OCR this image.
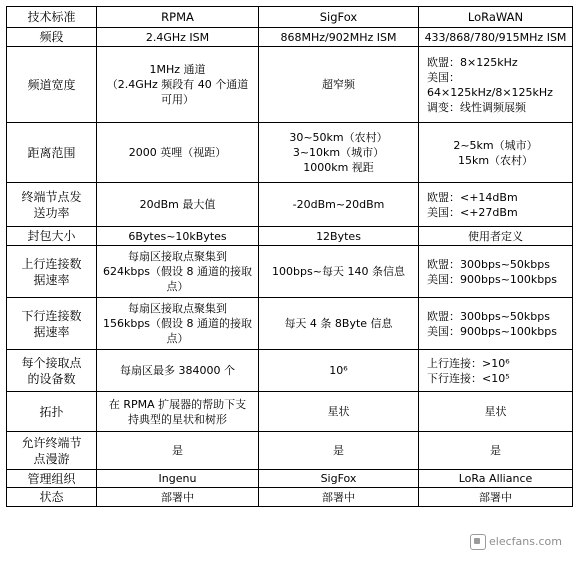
技术标准	RPMA	SigFox	LoRaWAN

频段	2.4GHz ISM	868MHz/902MHz ISM	433/868/780/915MHz ISM

频道宽度	1MHz 通道
（2.4GHz 频段有 40 个通道
可用）	超窄频	欧盟：8×125kHz
美国：
64×125kHz/8×125kHz
调变：线性调频展频

距离范围	2000 英哩（视距）	30~50km（农村）
3~10km（城市）
1000km 视距	2~5km（城市）
15km（农村）

终端节点发
送功率	20dBm 最大值	-20dBm~20dBm	欧盟：<+14dBm
美国：<+27dBm

封包大小	6Bytes~10kBytes	12Bytes	使用者定义

上行连接数
据速率	每扇区接取点聚集到
624kbps（假设 8 通道的接取
点）	100bps~每天 140 条信息	欧盟：300bps~50kbps
美国：900bps~100kbps

下行连接数
据速率	每扇区接取点聚集到
156kbps（假设 8 通道的接取
点）	每天 4 条 8Byte 信息	欧盟：300bps~50kbps
美国：900bps~100kbps

每个接取点
的设备数	每扇区最多 384000 个	10⁶	上行连接：>10⁶
下行连接：<10⁵

拓扑	在 RPMA 扩展器的帮助下支
持典型的星状和树形	星状	星状

允许终端节
点漫游	是	是	是

管理组织	Ingenu	SigFox	LoRa Alliance

状态	部署中	部署中	部署中
elecfans.com
